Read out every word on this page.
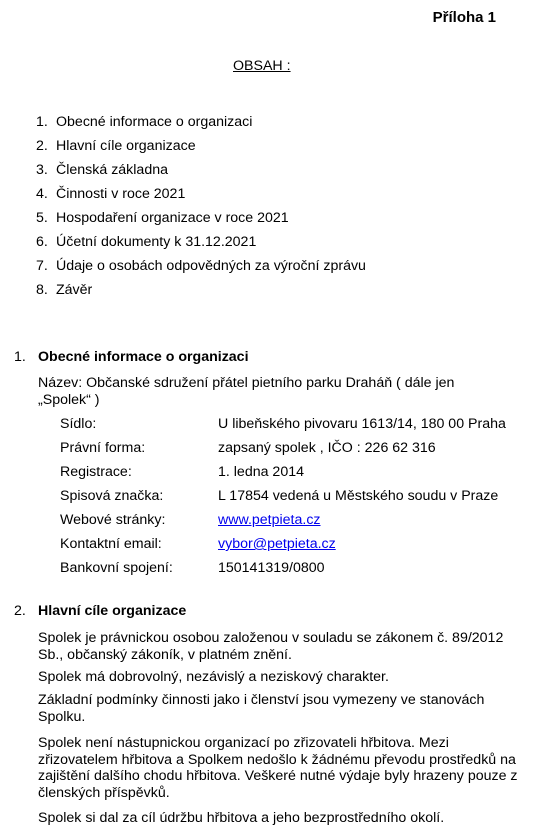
Příloha 1
OBSAH :
1. Obecné informace o organizaci
2. Hlavní cíle organizace
3. Členská základna
4. Činnosti v roce 2021
5. Hospodaření organizace v roce 2021
6. Účetní dokumenty k 31.12.2021
7. Údaje o osobách odpovědných za výroční zprávu
8. Závěr
1. Obecné informace o organizaci
Název: Občanské sdružení přátel pietního parku Draháň ( dále jen
„Spolek“ )
Sídlo:	U libeňského pivovaru 1613/14, 180 00 Praha
Právní forma:	zapsaný spolek , IČO : 226 62 316
Registrace:	1. ledna 2014
Spisová značka:	L 17854 vedená u Městského soudu v Praze
Webové stránky:	www.petpieta.cz
Kontaktní email:	vybor@petpieta.cz
Bankovní spojení:	150141319/0800
2. Hlavní cíle organizace
Spolek je právnickou osobou založenou v souladu se zákonem č. 89/2012 Sb., občanský zákoník, v platném znění.
Spolek má dobrovolný, nezávislý a neziskový charakter.
Základní podmínky činnosti jako i členství jsou vymezeny ve stanovách Spolku.
Spolek není nástupnickou organizací po zřizovateli hřbitova. Mezi zřizovatelem hřbitova a Spolkem nedošlo k žádnému převodu prostředků na zajištění dalšího chodu hřbitova. Veškeré nutné výdaje byly hrazeny pouze z členských příspěvků.
Spolek si dal za cíl údržbu hřbitova a jeho bezprostředního okolí.
